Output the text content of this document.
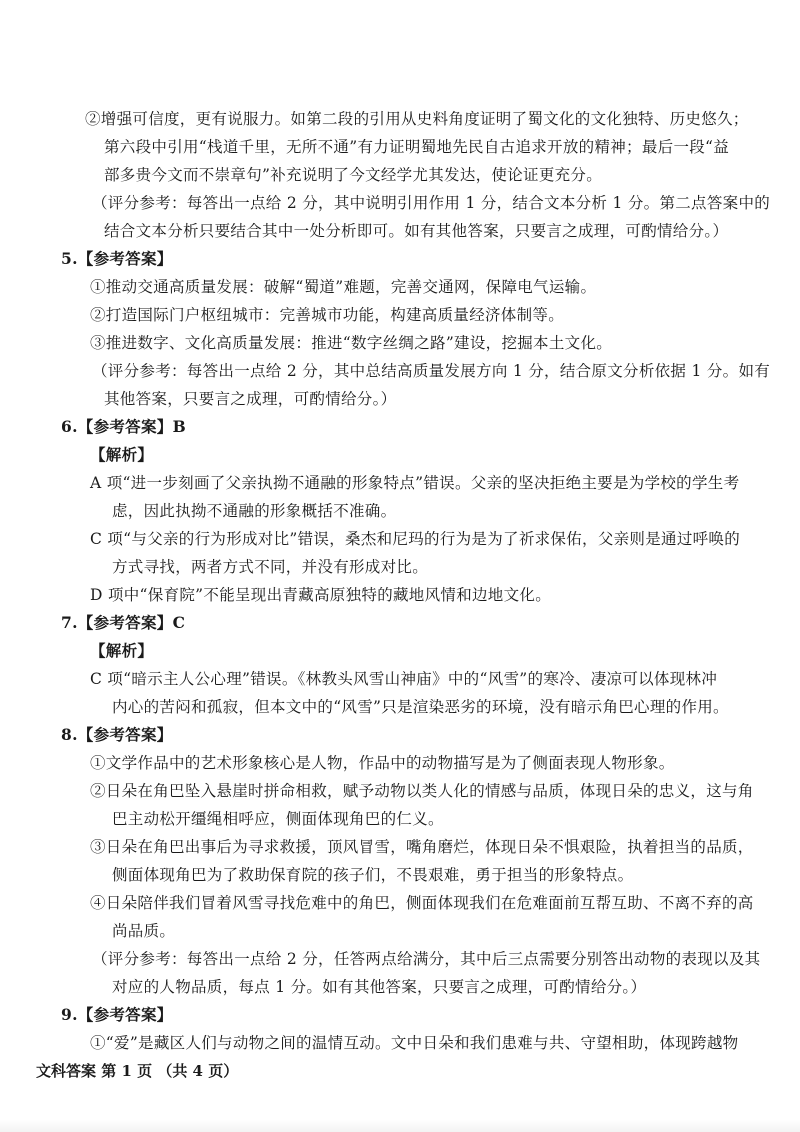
②增强可信度，更有说服力。如第二段的引用从史料角度证明了蜀文化的文化独特、历史悠久；
第六段中引用“栈道千里，无所不通”有力证明蜀地先民自古追求开放的精神；最后一段“益
部多贵今文而不崇章句”补充说明了今文经学尤其发达，使论证更充分。
（评分参考：每答出一点给 2 分，其中说明引用作用 1 分，结合文本分析 1 分。第二点答案中的
结合文本分析只要结合其中一处分析即可。如有其他答案，只要言之成理，可酌情给分。）
5.【参考答案】
①推动交通高质量发展：破解“蜀道”难题，完善交通网，保障电气运输。
②打造国际门户枢纽城市：完善城市功能，构建高质量经济体制等。
③推进数字、文化高质量发展：推进“数字丝绸之路”建设，挖掘本土文化。
（评分参考：每答出一点给 2 分，其中总结高质量发展方向 1 分，结合原文分析依据 1 分。如有
其他答案，只要言之成理，可酌情给分。）
6.【参考答案】B
【解析】
A 项“进一步刻画了父亲执拗不通融的形象特点”错误。父亲的坚决拒绝主要是为学校的学生考
虑，因此执拗不通融的形象概括不准确。
C 项“与父亲的行为形成对比”错误，桑杰和尼玛的行为是为了祈求保佑，父亲则是通过呼唤的
方式寻找，两者方式不同，并没有形成对比。
D 项中“保育院”不能呈现出青藏高原独特的藏地风情和边地文化。
7.【参考答案】C
【解析】
C 项“暗示主人公心理”错误。《林教头风雪山神庙》中的“风雪”的寒冷、凄凉可以体现林冲
内心的苦闷和孤寂，但本文中的“风雪”只是渲染恶劣的环境，没有暗示角巴心理的作用。
8.【参考答案】
①文学作品中的艺术形象核心是人物，作品中的动物描写是为了侧面表现人物形象。
②日朵在角巴坠入悬崖时拼命相救，赋予动物以类人化的情感与品质，体现日朵的忠义，这与角
巴主动松开缰绳相呼应，侧面体现角巴的仁义。
③日朵在角巴出事后为寻求救援，顶风冒雪，嘴角磨烂，体现日朵不惧艰险，执着担当的品质，
侧面体现角巴为了救助保育院的孩子们，不畏艰难，勇于担当的形象特点。
④日朵陪伴我们冒着风雪寻找危难中的角巴，侧面体现我们在危难面前互帮互助、不离不弃的高
尚品质。
（评分参考：每答出一点给 2 分，任答两点给满分，其中后三点需要分别答出动物的表现以及其
对应的人物品质，每点 1 分。如有其他答案，只要言之成理，可酌情给分。）
9.【参考答案】
①“爱”是藏区人们与动物之间的温情互动。文中日朵和我们患难与共、守望相助，体现跨越物
文科答案 第 1 页 （共 4 页）
